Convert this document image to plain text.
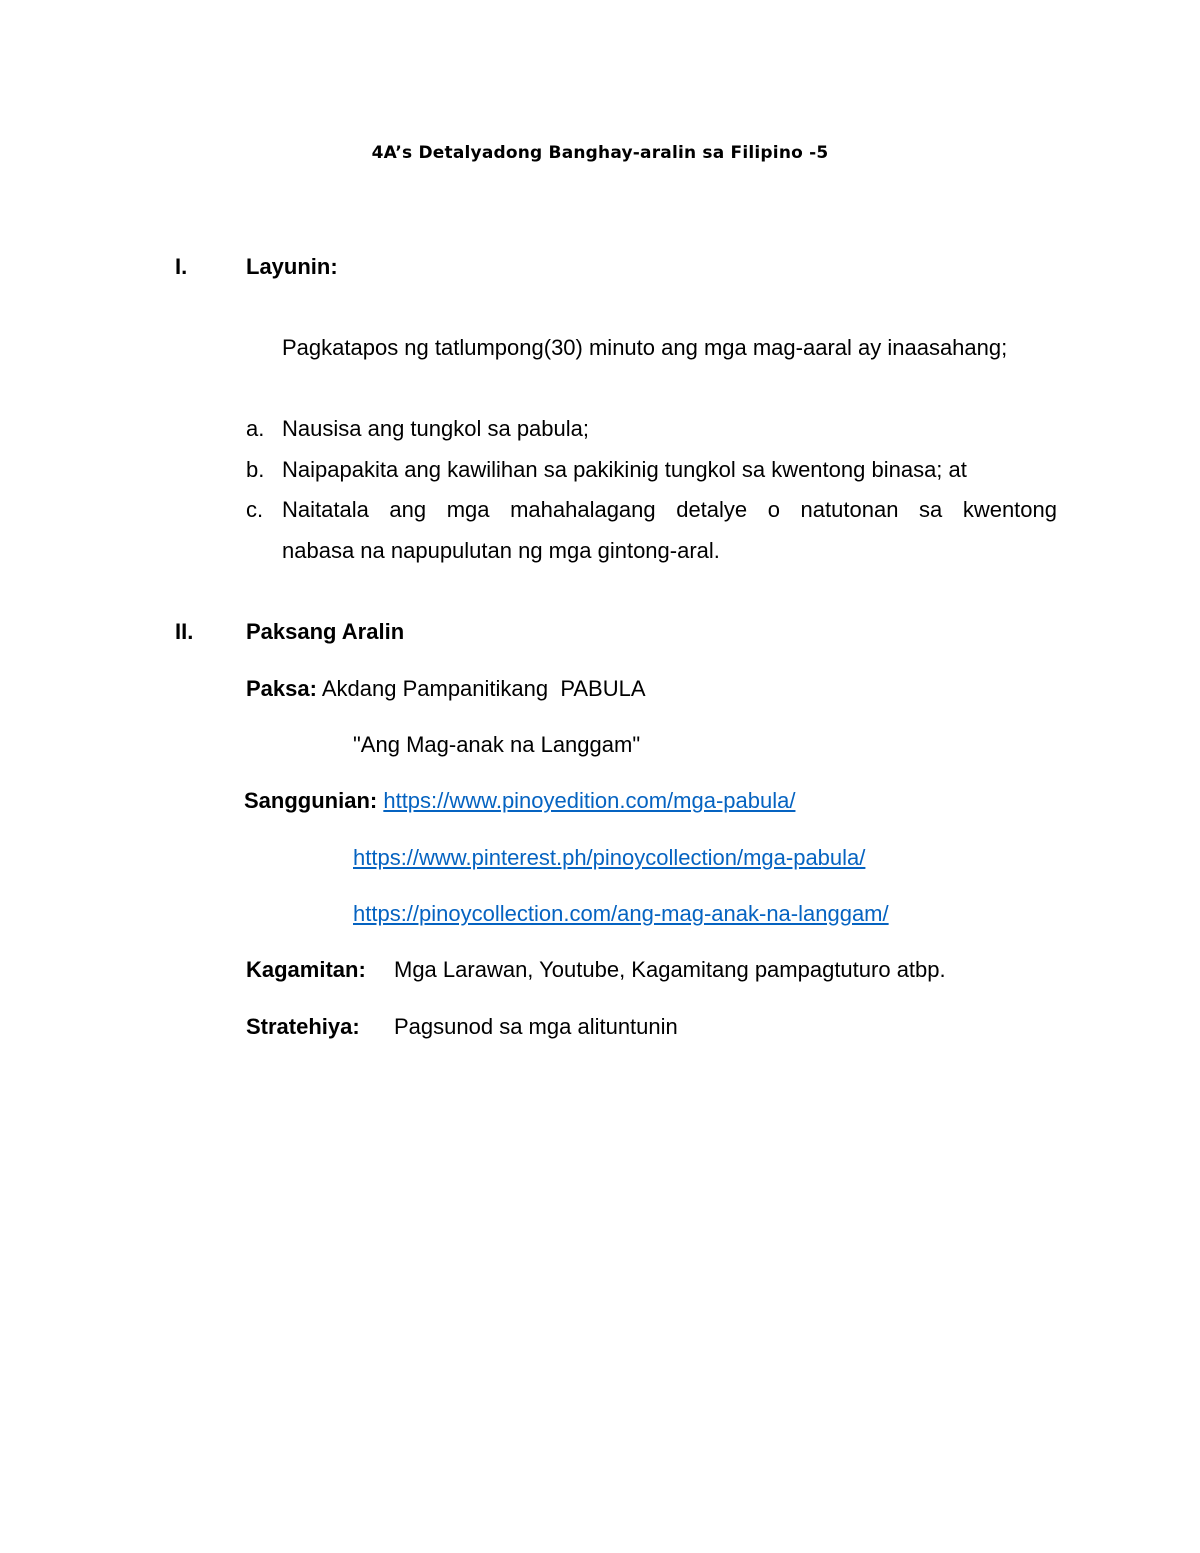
4A’s Detalyadong Banghay-aralin sa Filipino -5
I.	Layunin:
Pagkatapos ng tatlumpong(30) minuto ang mga mag-aaral ay inaasahang;
a. Nausisa ang tungkol sa pabula;
b. Naipapakita ang kawilihan sa pakikinig tungkol sa kwentong binasa; at
c. Naitatala ang mga mahahalagang detalye o natutonan sa kwentong
nabasa na napupulutan ng mga gintong-aral.
II. Paksang Aralin
Paksa: Akdang Pampanitikang  PABULA
"Ang Mag-anak na Langgam"
Sanggunian: https://www.pinoyedition.com/mga-pabula/
https://www.pinterest.ph/pinoycollection/mga-pabula/
https://pinoycollection.com/ang-mag-anak-na-langgam/
Kagamitan: Mga Larawan, Youtube, Kagamitang pampagtuturo atbp.
Stratehiya: Pagsunod sa mga alituntunin
